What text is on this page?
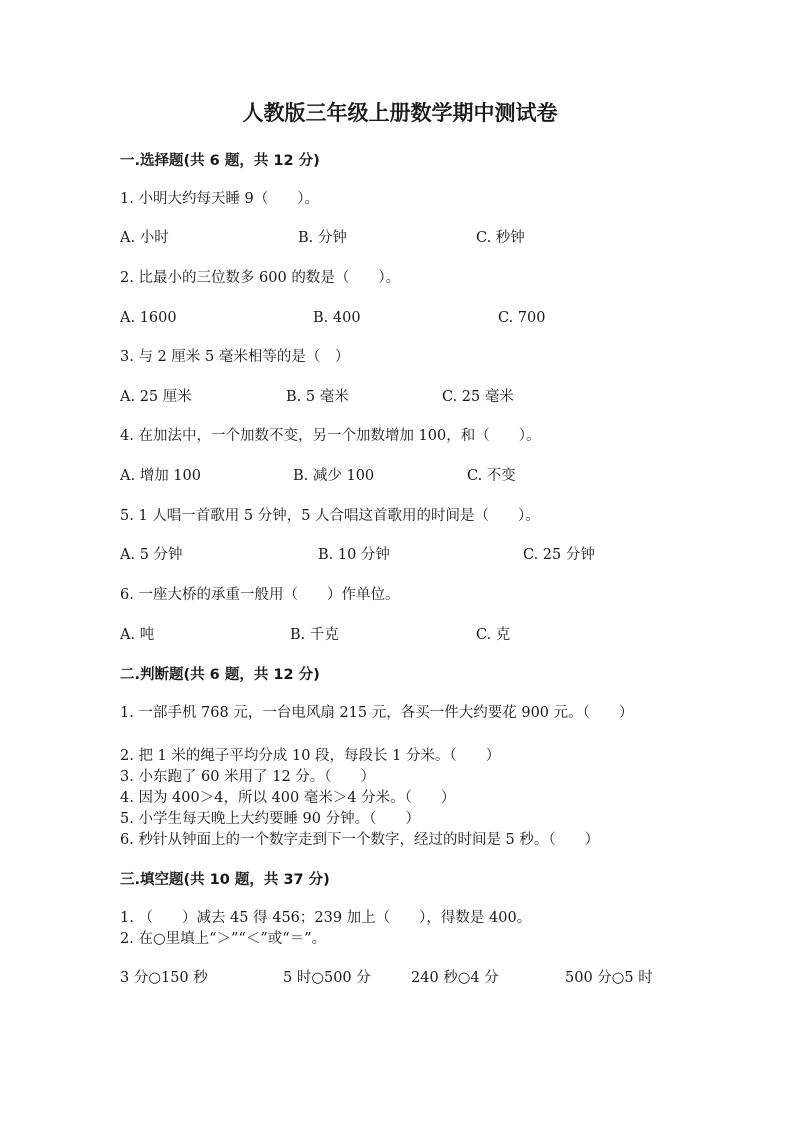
人教版三年级上册数学期中测试卷
一.选择题(共 6 题，共 12 分)
1. 小明大约每天睡 9（　　）。
A. 小时	B. 分钟	C. 秒钟
2. 比最小的三位数多 600 的数是（　　）。
A. 1600	B. 400	C. 700
3. 与 2 厘米 5 毫米相等的是（　）
A. 25 厘米	B. 5 毫米	C. 25 毫米
4. 在加法中，一个加数不变，另一个加数增加 100，和（　　）。
A. 增加 100	B. 减少 100	C. 不变
5. 1 人唱一首歌用 5 分钟，5 人合唱这首歌用的时间是（　　）。
A. 5 分钟	B. 10 分钟	C. 25 分钟
6. 一座大桥的承重一般用（　　）作单位。
A. 吨	B. 千克	C. 克
二.判断题(共 6 题，共 12 分)
1. 一部手机 768 元，一台电风扇 215 元，各买一件大约要花 900 元。（　　）
2. 把 1 米的绳子平均分成 10 段，每段长 1 分米。（　　）
3. 小东跑了 60 米用了 12 分。（　　）
4. 因为 400＞4，所以 400 毫米＞4 分米。（　　）
5. 小学生每天晚上大约要睡 90 分钟。（　　）
6. 秒针从钟面上的一个数字走到下一个数字，经过的时间是 5 秒。（　　）
三.填空题(共 10 题，共 37 分)
1. （　　）减去 45 得 456；239 加上（　　），得数是 400。
2. 在○里填上“＞”“＜”或“＝”。
3 分○150 秒	5 时○500 分	240 秒○4 分	500 分○5 时
